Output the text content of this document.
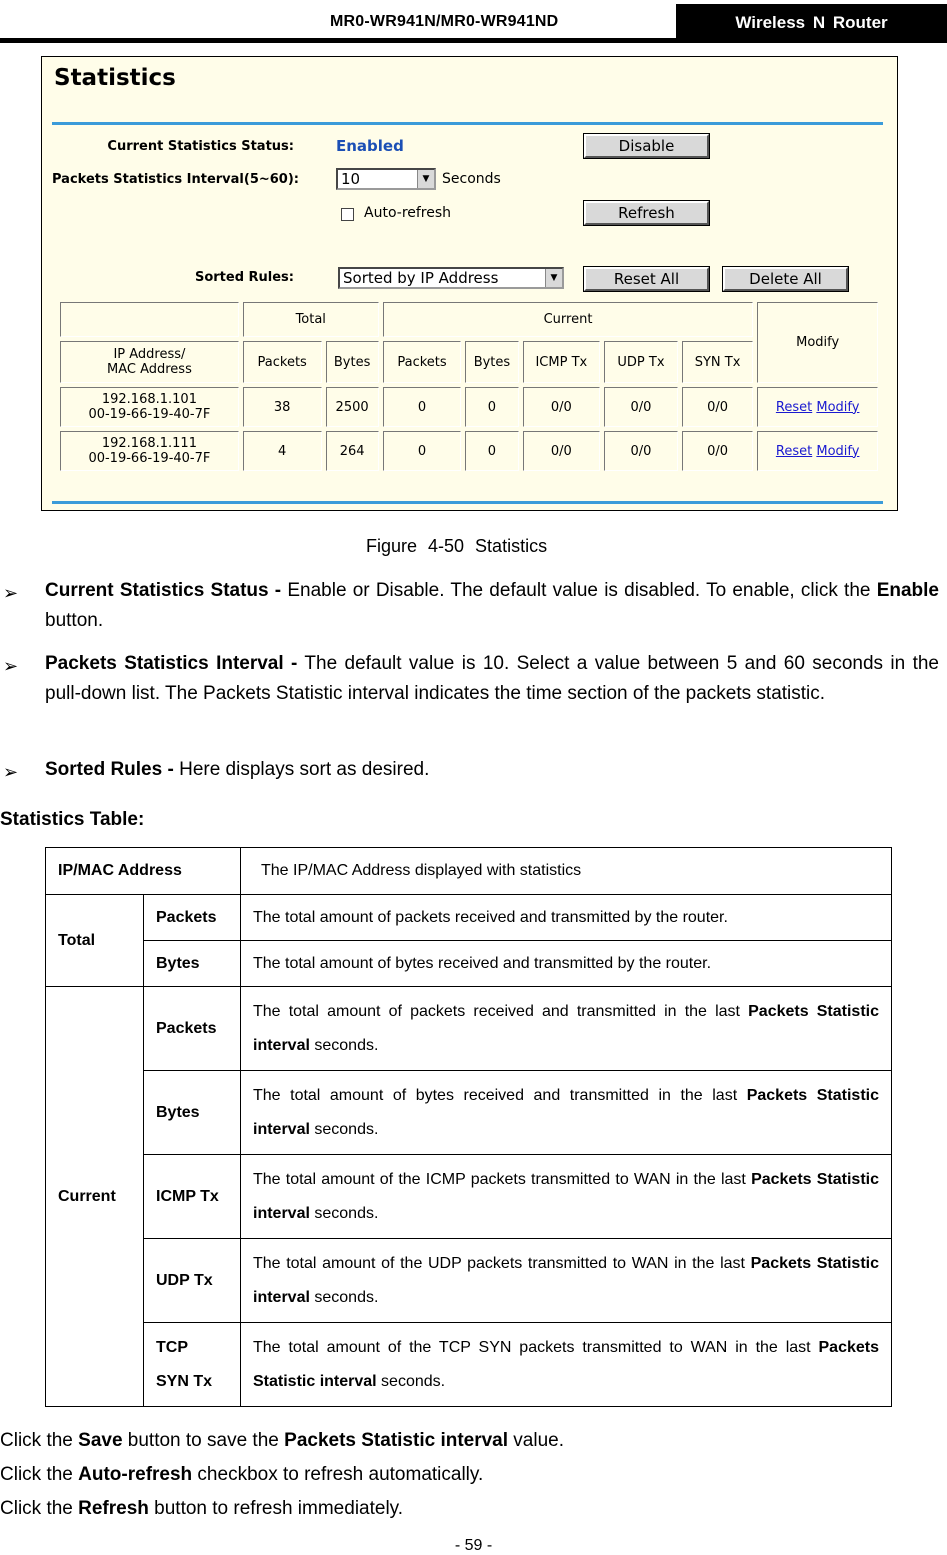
MR0-WR941N/MR0-WR941ND	Wireless N Router
Statistics
Current Statistics Status:	Enabled	Disable
Packets Statistics Interval(5~60):	10	▼ Seconds
Auto-refresh	Refresh
Sorted Rules:	Sorted by IP Address	▼	Reset All	Delete All
	Total		Current					Modify

IP Address/
MAC Address	Packets	Bytes	Packets	Bytes	ICMP Tx	UDP Tx	SYN Tx	

192.168.1.101
00-19-66-19-40-7F	38	2500	0	0	0/0	0/0	0/0	Reset Modify

192.168.1.111
00-19-66-19-40-7F	4	264	0	0	0/0	0/0	0/0	Reset Modify
Figure 4-50 Statistics
➢ Current Statistics Status - Enable or Disable. The default value is disabled. To enable, click the Enable button.
➢ Packets Statistics Interval - The default value is 10. Select a value between 5 and 60 seconds in the pull-down list. The Packets Statistic interval indicates the time section of the packets statistic.
➢ Sorted Rules - Here displays sort as desired.
Statistics Table:
IP/MAC Address		The IP/MAC Address displayed with statistics
Total	Packets	The total amount of packets received and transmitted by the router.
	Bytes	The total amount of bytes received and transmitted by the router.
Current	Packets	The total amount of packets received and transmitted in the last Packets Statistic interval seconds.
	Bytes	The total amount of bytes received and transmitted in the last Packets Statistic interval seconds.
	ICMP Tx	The total amount of the ICMP packets transmitted to WAN in the last Packets Statistic interval seconds.
	UDP Tx	The total amount of the UDP packets transmitted to WAN in the last Packets Statistic interval seconds.

	TCP
SYN Tx	The total amount of the TCP SYN packets transmitted to WAN in the last Packets Statistic interval seconds.
Click the Save button to save the Packets Statistic interval value.
Click the Auto-refresh checkbox to refresh automatically.
Click the Refresh button to refresh immediately.
- 59 -
